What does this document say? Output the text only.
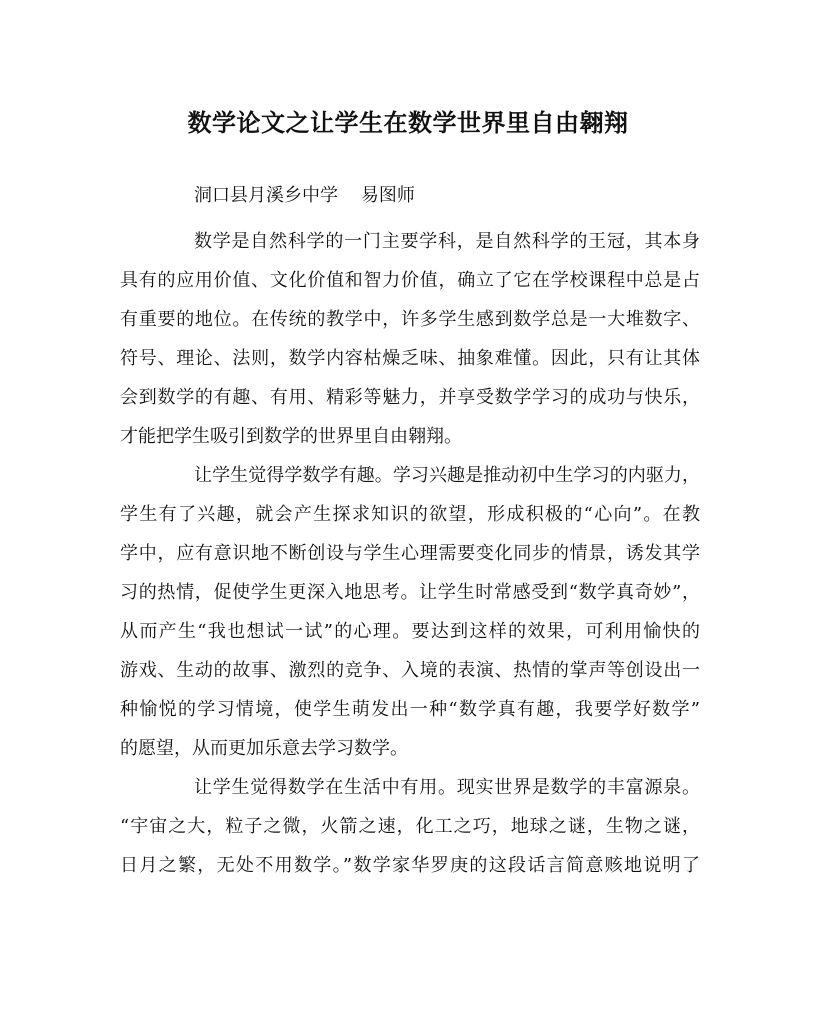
数学论文之让学生在数学世界里自由翱翔
洞口县月溪乡中学    易图师
数学是自然科学的一门主要学科，是自然科学的王冠，其本身
具有的应用价值、文化价值和智力价值，确立了它在学校课程中总是占
有重要的地位。在传统的教学中，许多学生感到数学总是一大堆数字、
符号、理论、法则，数学内容枯燥乏味、抽象难懂。因此，只有让其体
会到数学的有趣、有用、精彩等魅力，并享受数学学习的成功与快乐，
才能把学生吸引到数学的世界里自由翱翔。
让学生觉得学数学有趣。学习兴趣是推动初中生学习的内驱力，
学生有了兴趣，就会产生探求知识的欲望，形成积极的“心向”。在教
学中，应有意识地不断创设与学生心理需要变化同步的情景，诱发其学
习的热情，促使学生更深入地思考。让学生时常感受到“数学真奇妙”，
从而产生“我也想试一试”的心理。要达到这样的效果，可利用愉快的
游戏、生动的故事、激烈的竞争、入境的表演、热情的掌声等创设出一
种愉悦的学习情境，使学生萌发出一种“数学真有趣，我要学好数学”
的愿望，从而更加乐意去学习数学。
让学生觉得数学在生活中有用。现实世界是数学的丰富源泉。
“宇宙之大，粒子之微，火箭之速，化工之巧，地球之谜，生物之谜，
日月之繁，无处不用数学。”数学家华罗庚的这段话言简意赅地说明了
